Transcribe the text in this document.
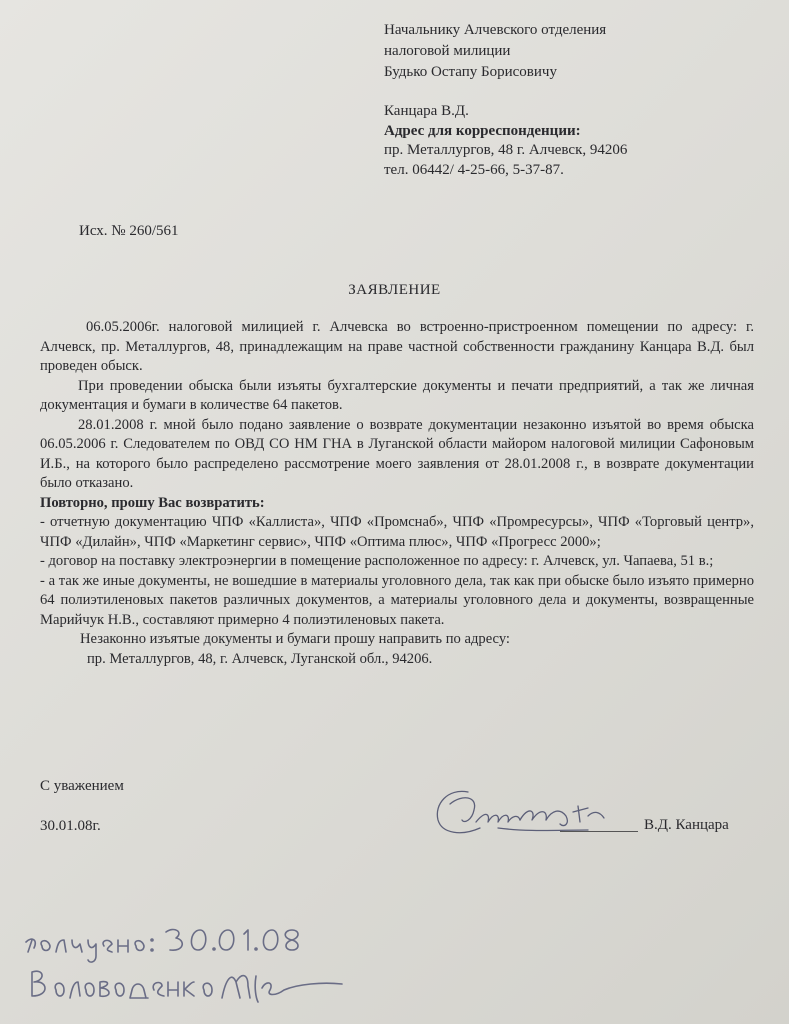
Начальнику Алчевского отделения
налоговой милиции
Будько Остапу Борисовичу
Канцара В.Д.
Адрес для корреспонденции:
пр. Металлургов, 48 г. Алчевск, 94206
тел. 06442/ 4-25-66, 5-37-87.
Исх. № 260/561
ЗАЯВЛЕНИЕ

06.05.2006г. налоговой милицией г. Алчевска во встроенно-пристроенном помещении по адресу: г. Алчевск, пр. Металлургов, 48, принадлежащим на праве частной собственности гражданину Канцара В.Д. был проведен обыск.

При проведении обыска были изъяты бухгалтерские документы и печати предприятий, а так же личная документация и бумаги в количестве 64 пакетов.

28.01.2008 г. мной было подано заявление о возврате документации незаконно изъятой во время обыска 06.05.2006 г. Следователем по ОВД СО НМ ГНА в Луганской области майором налоговой милиции Сафоновым И.Б., на которого было распределено рассмотрение моего заявления от 28.01.2008 г., в возврате документации было отказано.

Повторно, прошу Вас возвратить:

- отчетную документацию ЧПФ «Каллиста», ЧПФ «Промснаб», ЧПФ «Промресурсы», ЧПФ «Торговый центр», ЧПФ «Дилайн», ЧПФ «Маркетинг сервис», ЧПФ «Оптима плюс», ЧПФ «Прогресс 2000»;

- договор на поставку электроэнергии в помещение расположенное по адресу: г. Алчевск, ул. Чапаева, 51 в.;

- а так же иные документы, не вошедшие в материалы уголовного дела, так как при обыске было изъято примерно 64 полиэтиленовых пакетов различных документов, а материалы уголовного дела и документы, возвращенные Марийчук Н.В., составляют примерно 4 полиэтиленовых пакета.

Незаконно изъятые документы и бумаги прошу направить по адресу:

пр. Металлургов, 48, г. Алчевск, Луганской обл., 94206.

С уважением
30.01.08г.	В.Д. Канцара
